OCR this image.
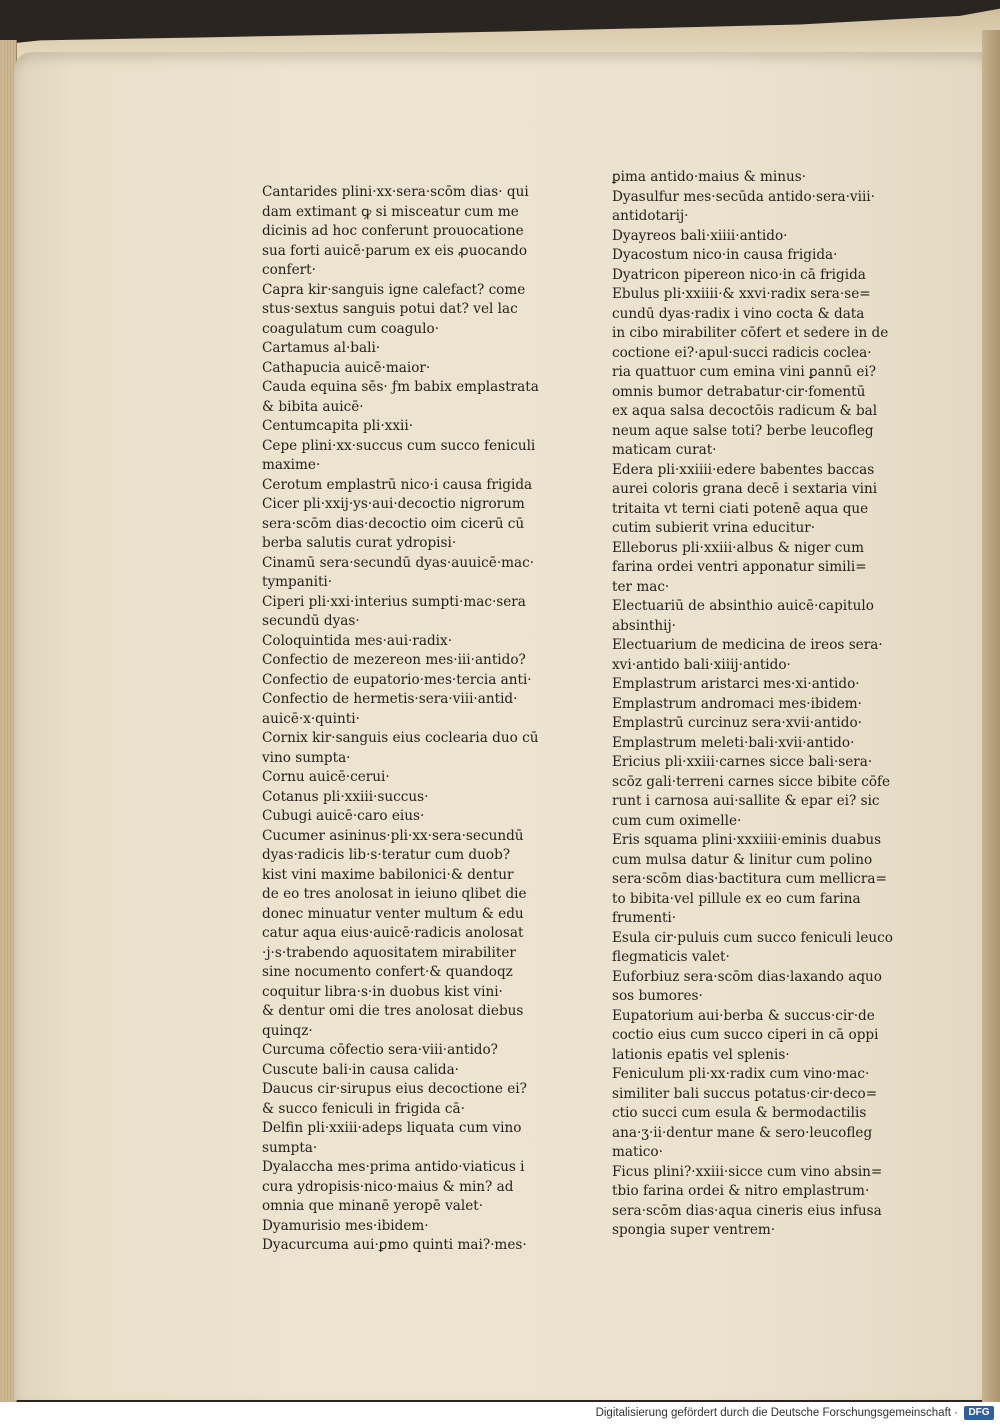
Cantarides plini·xx·sera·scōm dias· qui
dam extimant ꝙ si misceatur cum me
dicinis ad hoc conferunt prouocatione
sua forti auicē·parum ex eis ꝓuocando
confert·
Capra kir·sanguis igne calefact? come
stus·sextus sanguis potui dat? vel lac
coagulatum cum coagulo·
Cartamus al·bali·
Cathapucia auicē·maior·
Cauda equina sēs· ƒm babix emplastrata
& bibita auicē·
Centumcapita pli·xxii·
Cepe plini·xx·succus cum succo feniculi
maxime·
Cerotum emplastrū nico·i causa frigida
Cicer pli·xxij·ys·aui·decoctio nigrorum
sera·scōm dias·decoctio oim cicerū cū
berba salutis curat ydropisi·
Cinamū sera·secundū dyas·auuicē·mac·
tympaniti·
Ciperi pli·xxi·interius sumpti·mac·sera
secundū dyas·
Coloquintida mes·aui·radix·
Confectio de mezereon mes·iii·antido?
Confectio de eupatorio·mes·tercia anti·
Confectio de hermetis·sera·viii·antid·
auicē·x·quinti·
Cornix kir·sanguis eius coclearia duo cū
vino sumpta·
Cornu auicē·cerui·
Cotanus pli·xxiii·succus·
Cubugi auicē·caro eius·
Cucumer asininus·pli·xx·sera·secundū
dyas·radicis lib·s·teratur cum duob?
kist vini maxime babilonici·& dentur
de eo tres anolosat in ieiuno qlibet die
donec minuatur venter multum & edu
catur aqua eius·auicē·radicis anolosat
·j·s·trabendo aquositatem mirabiliter
sine nocumento confert·& quandoqz
coquitur libra·s·in duobus kist vini·
& dentur omi die tres anolosat diebus
quinqz·
Curcuma cōfectio sera·viii·antido?
Cuscute bali·in causa calida·
Daucus cir·sirupus eius decoctione ei?
& succo feniculi in frigida cā·
Delfin pli·xxiii·adeps liquata cum vino
sumpta·
Dyalaccha mes·prima antido·viaticus i
cura ydropisis·nico·maius & min? ad
omnia que minanē yeropē valet·
Dyamurisio mes·ibidem·
Dyacurcuma aui·ꝑmo quinti mai?·mes·
ꝑima antido·maius & minus·
Dyasulfur mes·secūda antido·sera·viii·
antidotarij·
Dyayreos bali·xiiii·antido·
Dyacostum nico·in causa frigida·
Dyatricon pipereon nico·in cā frigida
Ebulus pli·xxiiii·& xxvi·radix sera·se=
cundū dyas·radix i vino cocta & data
in cibo mirabiliter cōfert et sedere in de
coctione ei?·apul·succi radicis coclea·
ria quattuor cum emina vini ꝑannū ei?
omnis bumor detrabatur·cir·fomentū
ex aqua salsa decoctōis radicum & bal
neum aque salse toti? berbe leucofleg
maticam curat·
Edera pli·xxiiii·edere babentes baccas
aurei coloris grana decē i sextaria vini
tritaita vt terni ciati potenē aqua que
cutim subierit vrina educitur·
Elleborus pli·xxiii·albus & niger cum
farina ordei ventri apponatur simili=
ter mac·
Electuariū de absinthio auicē·capitulo
absinthij·
Electuarium de medicina de ireos sera·
xvi·antido bali·xiiij·antido·
Emplastrum aristarci mes·xi·antido·
Emplastrum andromaci mes·ibidem·
Emplastrū curcinuz sera·xvii·antido·
Emplastrum meleti·bali·xvii·antido·
Ericius pli·xxiii·carnes sicce bali·sera·
scōz gali·terreni carnes sicce bibite cōfe
runt i carnosa aui·sallite & epar ei? sic
cum cum oximelle·
Eris squama plini·xxxiiii·eminis duabus
cum mulsa datur & linitur cum polino
sera·scōm dias·bactitura cum mellicra=
to bibita·vel pillule ex eo cum farina
frumenti·
Esula cir·puluis cum succo feniculi leuco
flegmaticis valet·
Euforbiuz sera·scōm dias·laxando aquo
sos bumores·
Eupatorium aui·berba & succus·cir·de
coctio eius cum succo ciperi in cā oppi
lationis epatis vel splenis·
Feniculum pli·xx·radix cum vino·mac·
similiter bali succus potatus·cir·deco=
ctio succi cum esula & bermodactilis
ana·ʒ·ii·dentur mane & sero·leucofleg
matico·
Ficus plini?·xxiii·sicce cum vino absin=
tbio farina ordei & nitro emplastrum·
sera·scōm dias·aqua cineris eius infusa
spongia super ventrem·
Digitalisierung gefördert durch die Deutsche Forschungsgemeinschaft ·	DFG
